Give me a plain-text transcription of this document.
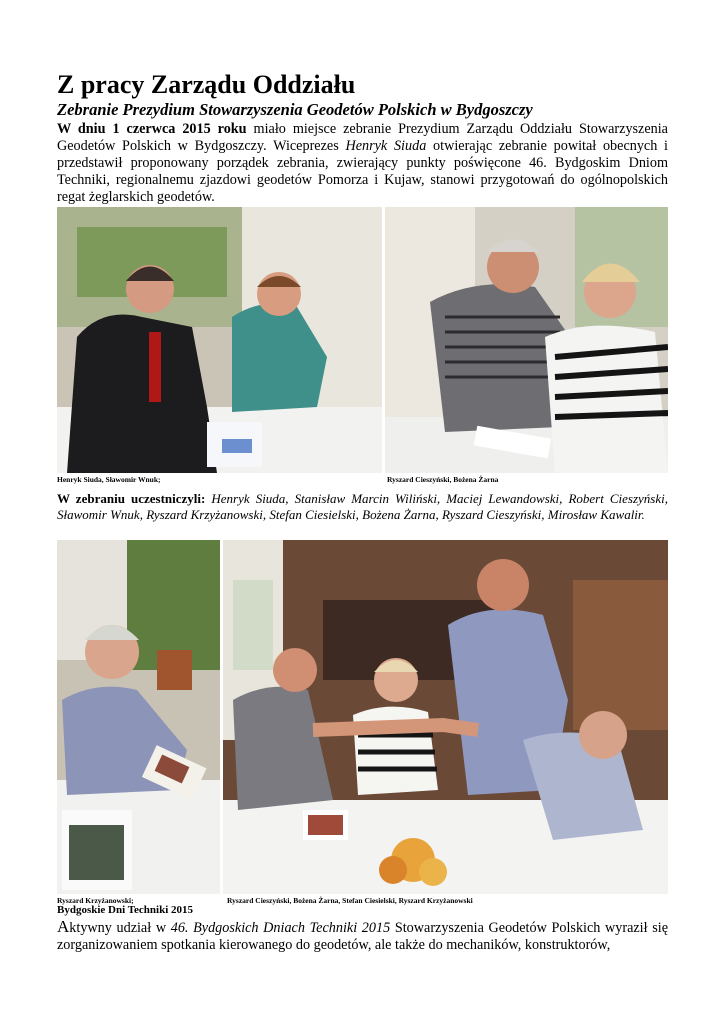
Z pracy Zarządu Oddziału

Zebranie Prezydium Stowarzyszenia Geodetów Polskich w Bydgoszczy

W dniu 1 czerwca 2015 roku miało miejsce zebranie Prezydium Zarządu Oddziału Stowarzyszenia Geodetów Polskich w Bydgoszczy. Wiceprezes Henryk Siuda otwierając zebranie powitał obecnych i przedstawił proponowany porządek zebrania, zwierający punkty poświęcone 46. Bydgoskim Dniom Techniki, regionalnemu zjazdowi geodetów Pomorza i Kujaw, stanowi przygotowań do ogólnopolskich regat żeglarskich geodetów.

Henryk Siuda, Sławomir Wnuk;	Ryszard Cieszyński, Bożena Żarna

W zebraniu uczestniczyli: Henryk Siuda, Stanisław Marcin Wiliński, Maciej Lewandowski, Robert Cieszyński, Sławomir Wnuk, Ryszard Krzyżanowski, Stefan Ciesielski, Bożena Żarna, Ryszard Cieszyński, Mirosław Kawalir.

Ryszard Krzyżanowski;	Ryszard Cieszyński, Bożena Żarna, Stefan Ciesielski, Ryszard Krzyżanowski
Bydgoskie Dni Techniki 2015

Aktywny udział w 46. Bydgoskich Dniach Techniki 2015 Stowarzyszenia Geodetów Polskich wyraził się zorganizowaniem spotkania kierowanego do geodetów, ale także do mechaników, konstruktorów,
